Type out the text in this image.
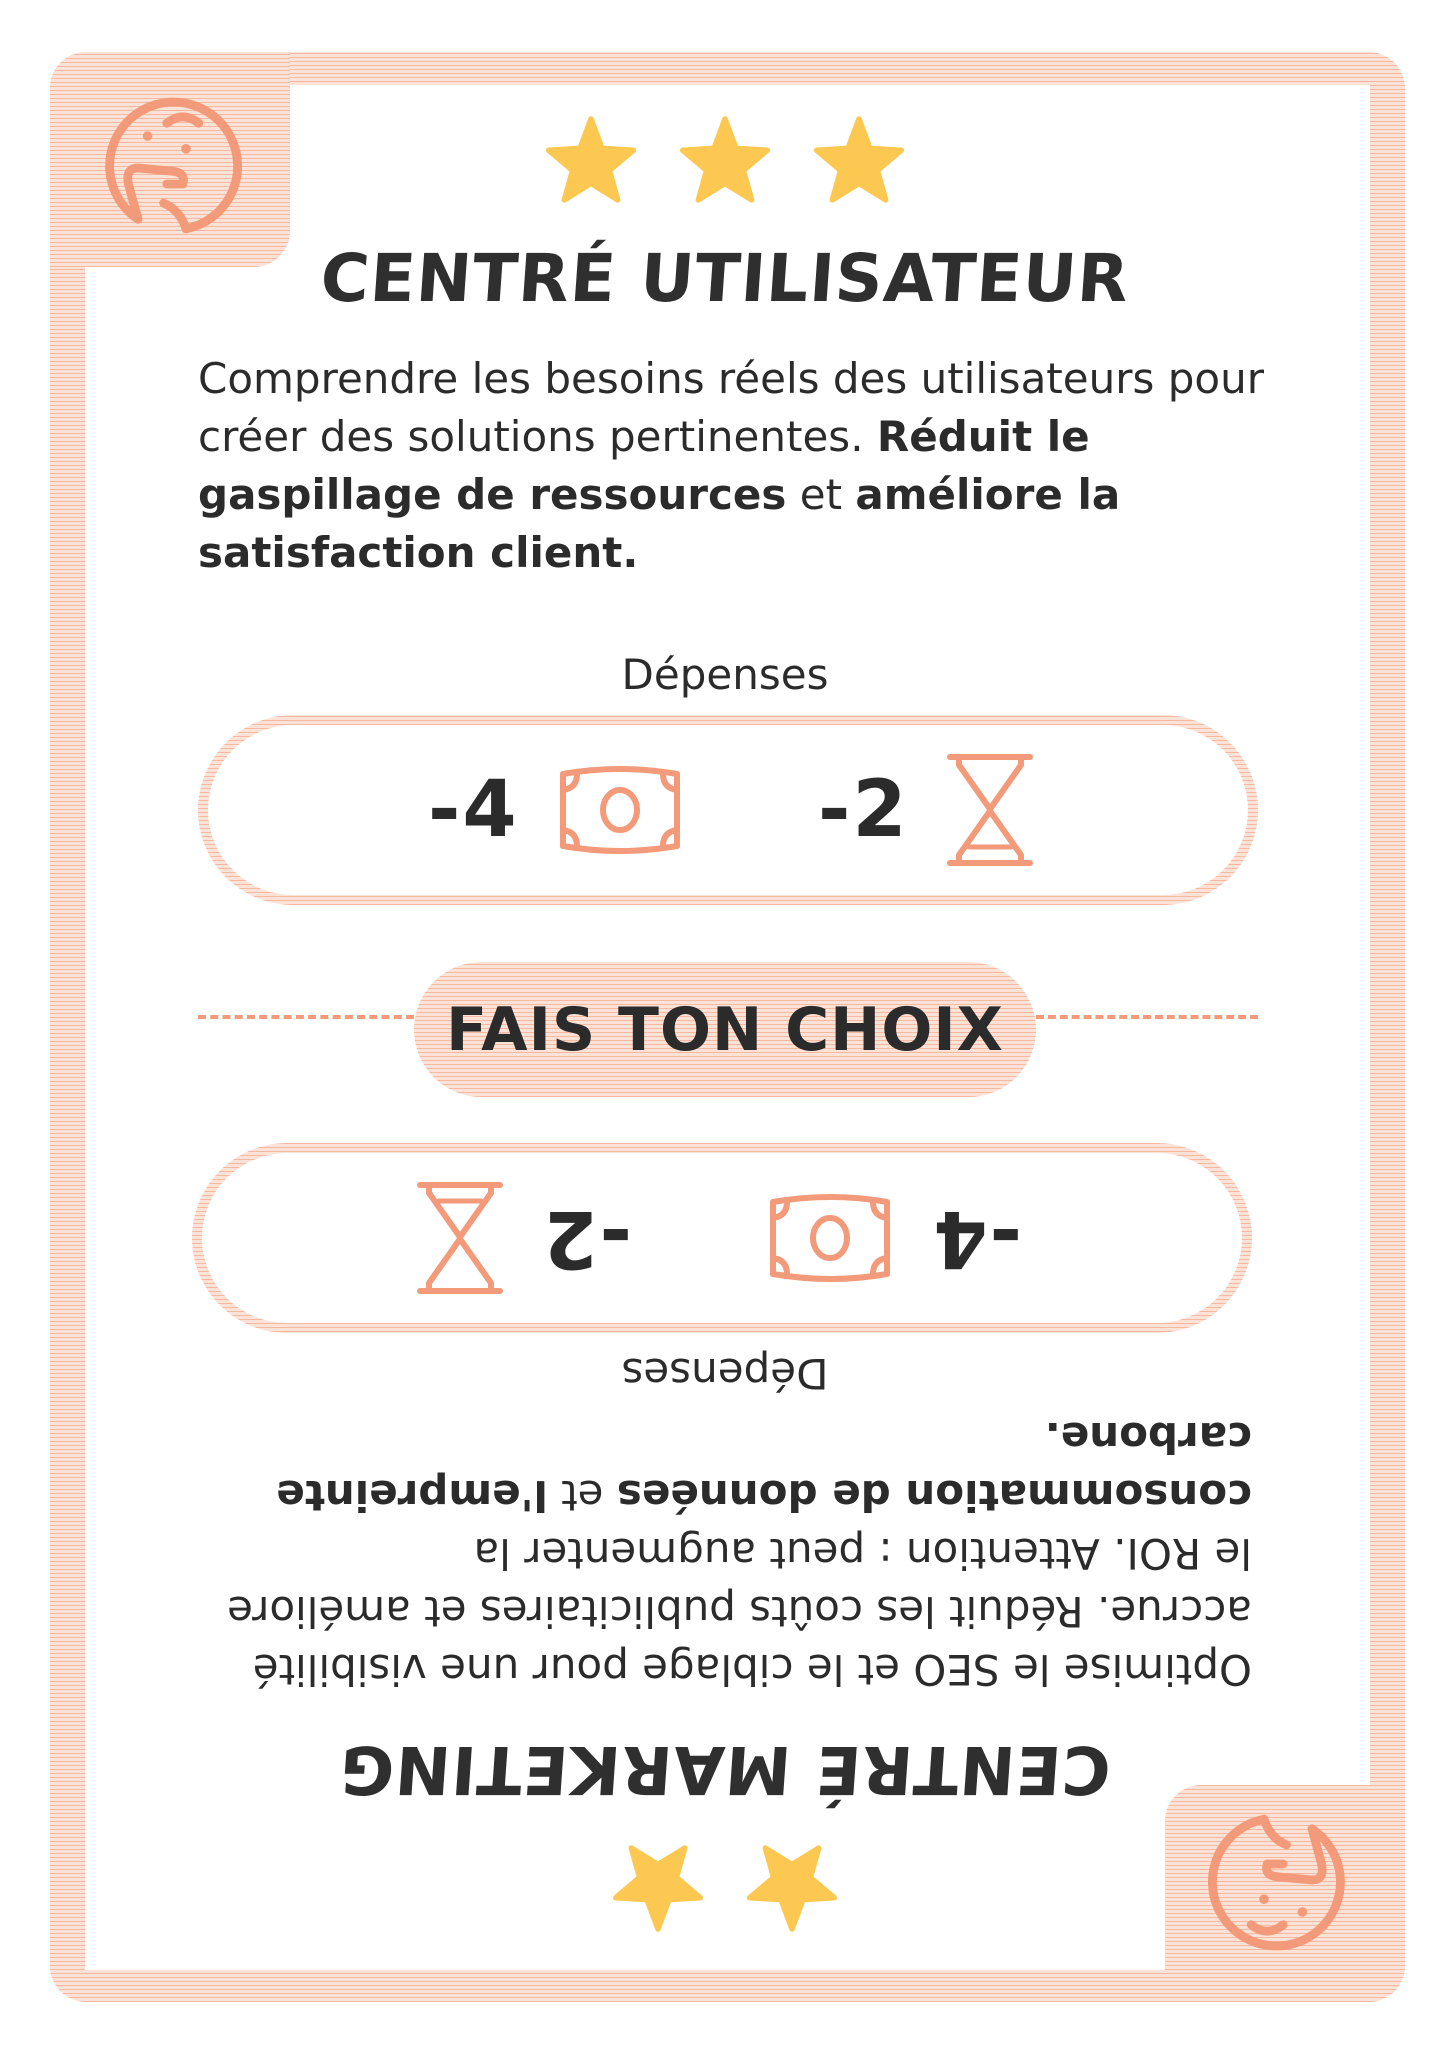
CENTRÉ UTILISATEUR
Comprendre les besoins réels des utilisateurs pour créer des solutions pertinentes. Réduit le gaspillage de ressources et améliore la satisfaction client.
Dépenses
-4	-2
CENTRÉ MARKETING
Optimise le SEO et le ciblage pour une visibilité accrue. Réduit les coûts publicitaires et améliore le ROI. Attention : peut augmenter la consommation de données et l'empreinte carbone.
Dépenses
-4
-2
FAIS TON CHOIX
